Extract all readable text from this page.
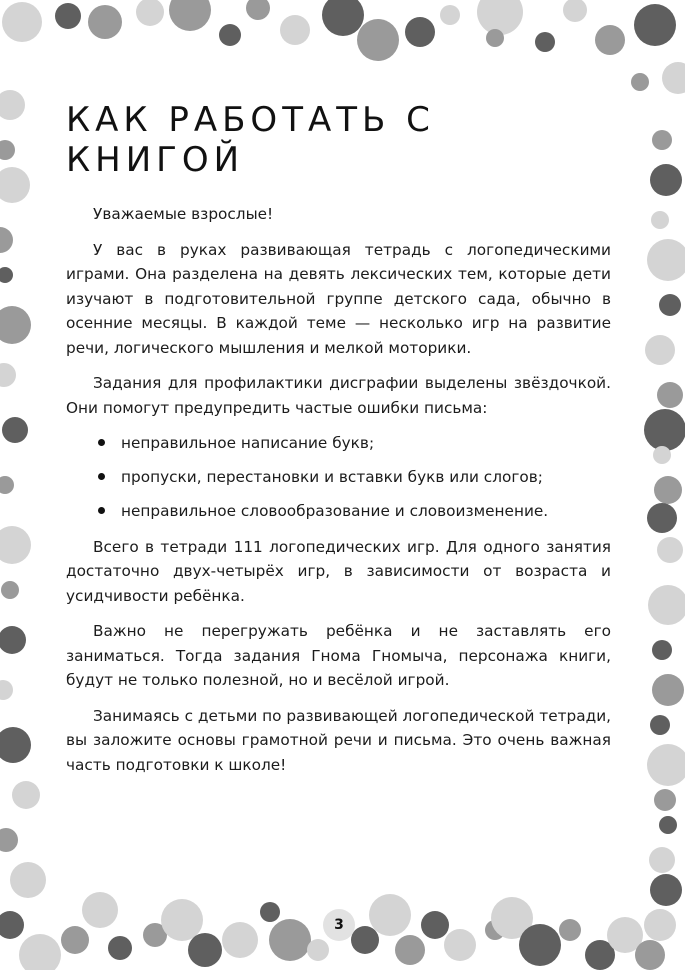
КАК РАБОТАТЬ С КНИГОЙ

Уважаемые взрослые!

У вас в руках развивающая тетрадь с логопедическими играми. Она разделена на девять лексических тем, которые дети изучают в подготовительной группе детского сада, обычно в осенние месяцы. В каждой теме — несколько игр на развитие речи, логического мышления и мелкой моторики.

Задания для профилактики дисграфии выделены звёздочкой. Они помогут предупредить частые ошибки письма:

неправильное написание букв;
пропуски, перестановки и вставки букв или слогов;
неправильное словообразование и словоизменение.

Всего в тетради 111 логопедических игр. Для одного занятия достаточно двух-четырёх игр, в зависимости от возраста и усидчивости ребёнка.

Важно не перегружать ребёнка и не заставлять его заниматься. Тогда задания Гнома Гномыча, персонажа книги, будут не только полезной, но и весёлой игрой.

Занимаясь с детьми по развивающей логопедической тетради, вы заложите основы грамотной речи и письма. Это очень важная часть подготовки к школе!

3
